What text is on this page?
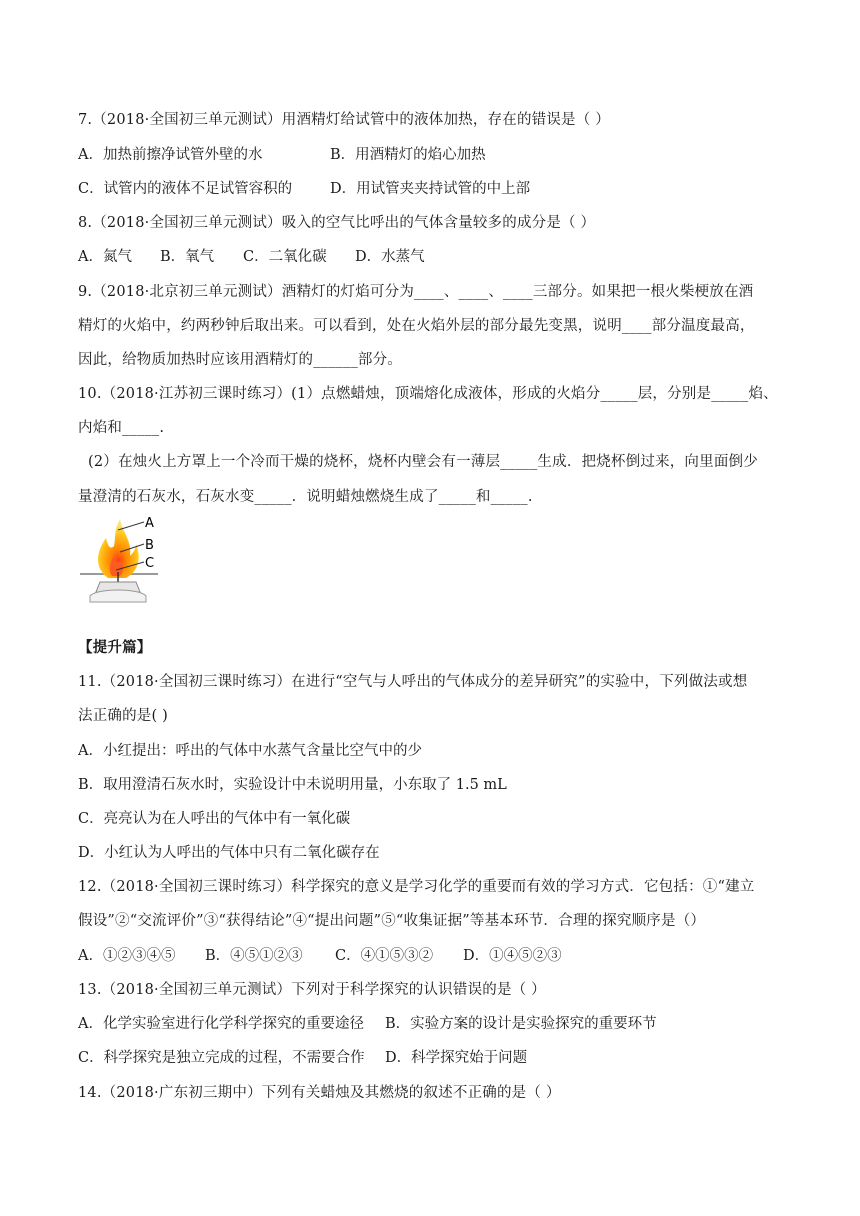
7.（2018·全国初三单元测试）用酒精灯给试管中的液体加热，存在的错误是（ ）
A．加热前擦净试管外壁的水	B．用酒精灯的焰心加热
C．试管内的液体不足试管容积的	D．用试管夹夹持试管的中上部
8.（2018·全国初三单元测试）吸入的空气比呼出的气体含量较多的成分是（ ）
A．氮气 B．氧气 C．二氧化碳 D．水蒸气
9.（2018·北京初三单元测试）酒精灯的灯焰可分为____、____、____三部分。如果把一根火柴梗放在酒
精灯的火焰中，约两秒钟后取出来。可以看到，处在火焰外层的部分最先变黑，说明____部分温度最高，
因此，给物质加热时应该用酒精灯的______部分。
10.（2018·江苏初三课时练习）(1）点燃蜡烛，顶端熔化成液体，形成的火焰分_____层，分别是_____焰、
内焰和_____.
(2）在烛火上方罩上一个冷而干燥的烧杯，烧杯内壁会有一薄层_____生成．把烧杯倒过来，向里面倒少
量澄清的石灰水，石灰水变_____．说明蜡烛燃烧生成了_____和_____.
A
B
C
【提升篇】
11.（2018·全国初三课时练习）在进行“空气与人呼出的气体成分的差异研究”的实验中，下列做法或想
法正确的是( )
A．小红提出：呼出的气体中水蒸气含量比空气中的少
B．取用澄清石灰水时，实验设计中未说明用量，小东取了 1.5 mL
C．亮亮认为在人呼出的气体中有一氧化碳
D．小红认为人呼出的气体中只有二氧化碳存在
12.（2018·全国初三课时练习）科学探究的意义是学习化学的重要而有效的学习方式．它包括：①“建立
假设”②“交流评价”③“获得结论”④“提出问题”⑤“收集证据”等基本环节．合理的探究顺序是（）
A．①②③④⑤ B．④⑤①②③ C．④①⑤③② D．①④⑤②③
13.（2018·全国初三单元测试）下列对于科学探究的认识错误的是（ ）
A．化学实验室进行化学科学探究的重要途径 B．实验方案的设计是实验探究的重要环节
C．科学探究是独立完成的过程，不需要合作 D．科学探究始于问题
14.（2018·广东初三期中）下列有关蜡烛及其燃烧的叙述不正确的是（ ）
